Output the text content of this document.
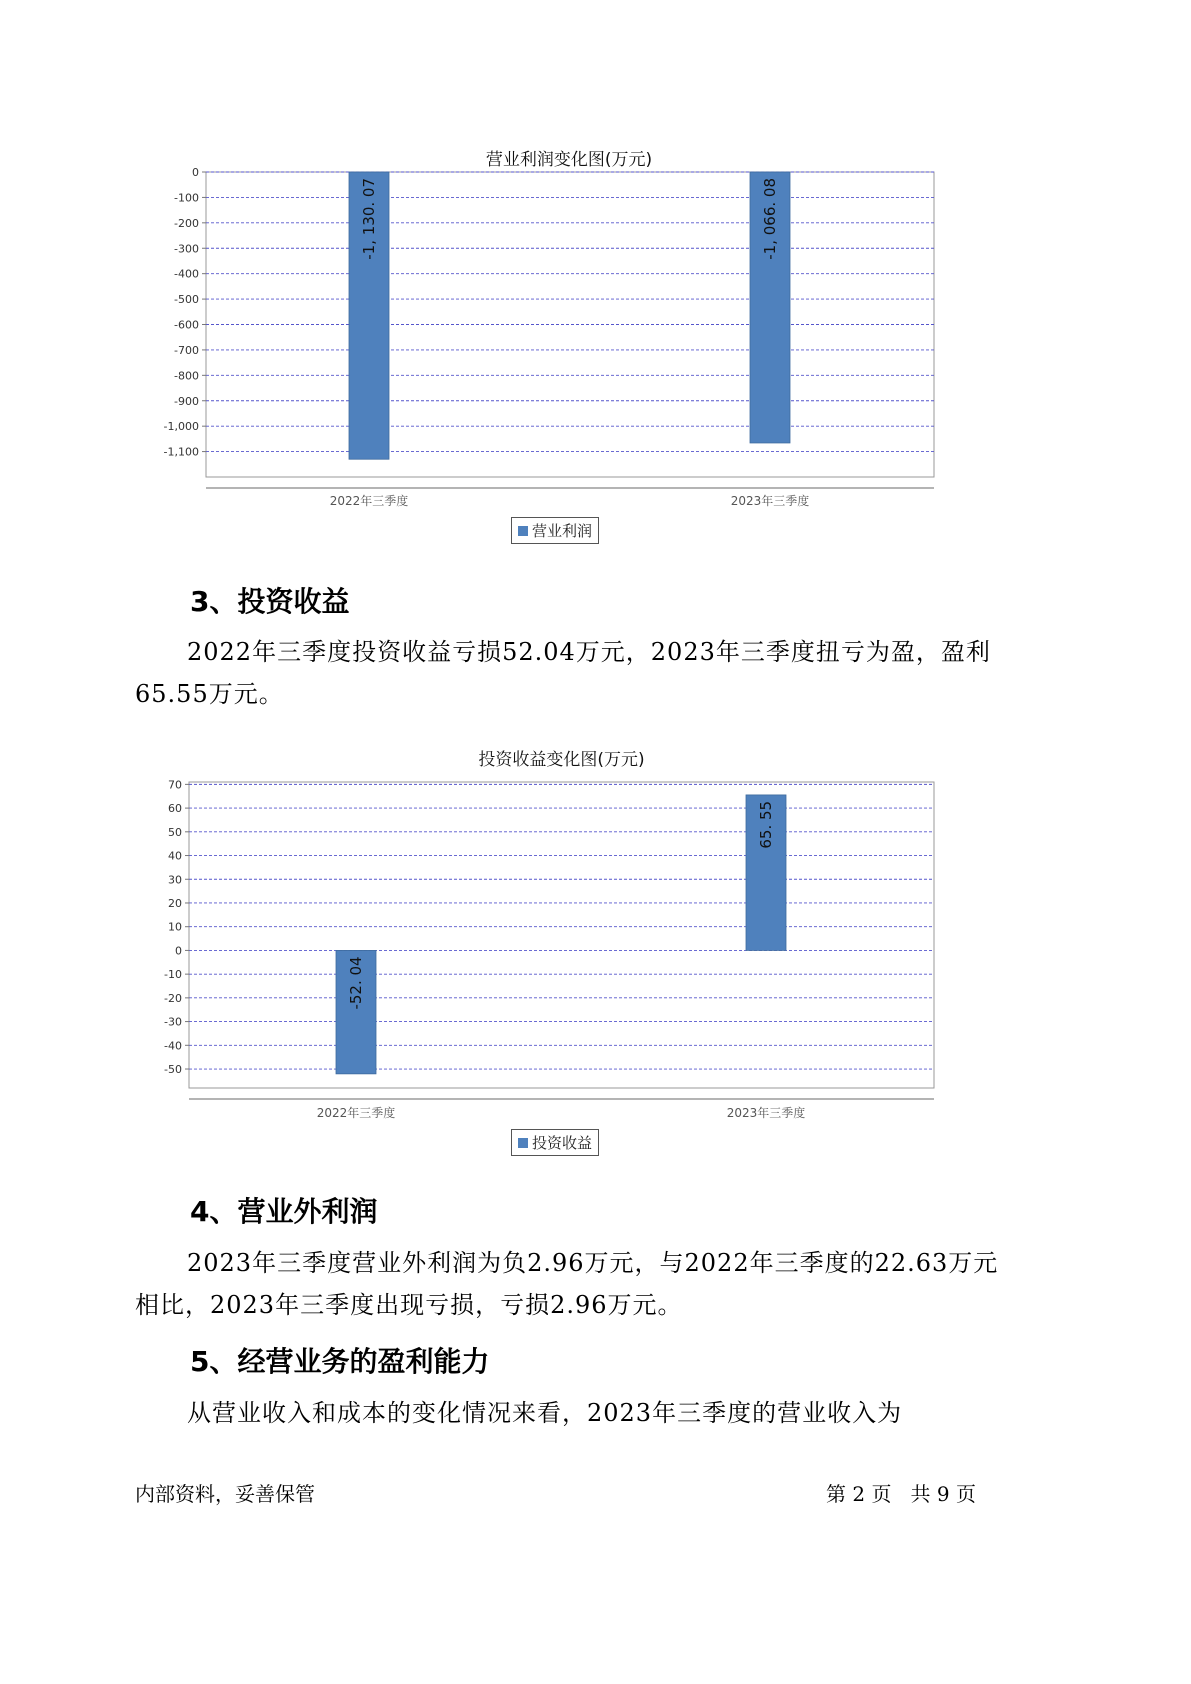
营业利润变化图(万元)
0
-100
-200
-300
-400
-500
-600
-700
-800
-900
-1,000
-1,100
-1, 130. 07
2022年三季度
-1, 066. 08
2023年三季度
营业利润
3、投资收益
2022年三季度投资收益亏损52.04万元，2023年三季度扭亏为盈，盈利
65.55万元。
投资收益变化图(万元)
70
60
50
40
30
20
10
0
-10
-20
-30
-40
-50
-52. 04
2022年三季度
65. 55
2023年三季度
投资收益
4、营业外利润
2023年三季度营业外利润为负2.96万元，与2022年三季度的22.63万元
相比，2023年三季度出现亏损，亏损2.96万元。
5、经营业务的盈利能力
从营业收入和成本的变化情况来看，2023年三季度的营业收入为
内部资料，妥善保管	第 2 页   共 9 页
